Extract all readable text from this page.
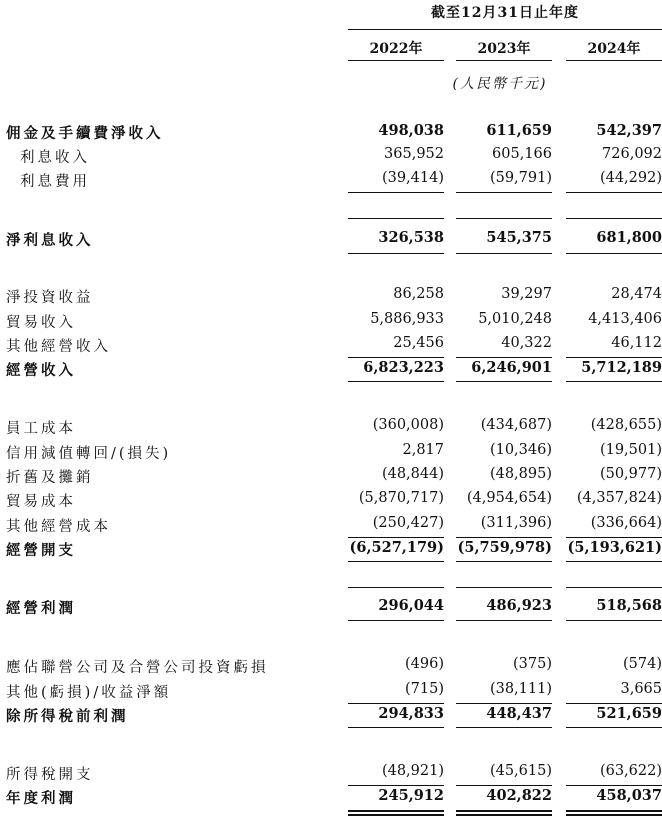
截至12月31日止年度
2022年	2023年	2024年
(人民幣千元)
佣金及手續費淨收入	498,038	611,659	542,397
利息收入	365,952	605,166	726,092
利息費用	(39,414)	(59,791)	(44,292)
淨利息收入	326,538	545,375	681,800
淨投資收益	86,258	39,297	28,474
貿易收入	5,886,933	5,010,248	4,413,406
其他經營收入	25,456	40,322	46,112
經營收入	6,823,223	6,246,901	5,712,189
員工成本	(360,008)	(434,687)	(428,655)
信用減值轉回/(損失)	2,817	(10,346)	(19,501)
折舊及攤銷	(48,844)	(48,895)	(50,977)
貿易成本	(5,870,717)	(4,954,654)	(4,357,824)
其他經營成本	(250,427)	(311,396)	(336,664)
經營開支	(6,527,179) (5,759,978) (5,193,621)
經營利潤	296,044	486,923	518,568
應佔聯營公司及合營公司投資虧損	(496)	(375)	(574)
其他(虧損)/收益淨額	(715)	(38,111)	3,665
除所得稅前利潤	294,833	448,437	521,659
所得稅開支	(48,921)	(45,615)	(63,622)
年度利潤	245,912	402,822	458,037
